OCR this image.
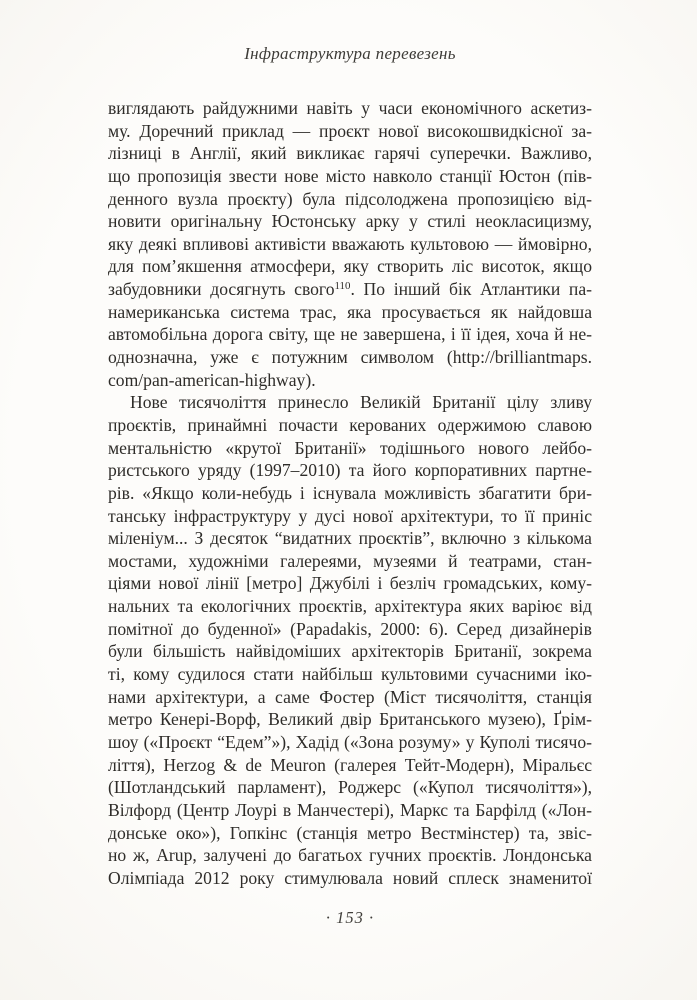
Інфраструктура перевезень
виглядають райдужними навіть у часи економічного аскетиз-
му. Доречний приклад — проєкт нової високошвидкісної за-
лізниці в Англії, який викликає гарячі суперечки. Важливо,
що пропозиція звести нове місто навколо станції Юстон (пів-
денного вузла проєкту) була підсолоджена пропозицією від-
новити оригінальну Юстонську арку у стилі неокласицизму,
яку деякі впливові активісти вважають культовою — ймовірно,
для пом’якшення атмосфери, яку створить ліс висоток, якщо
забудовники досягнуть свого$^{110}$. По інший бік Атлантики па-
намериканська система трас, яка просувається як найдовша
автомобільна дорога світу, ще не завершена, і її ідея, хоча й не-
однозначна, уже є потужним символом (http://brilliantmaps.
com/pan-american-highway).
Нове тисячоліття принесло Великій Британії цілу зливу
проєктів, принаймні почасти керованих одержимою славою
ментальністю «крутої Британії» тодішнього нового лейбо-
ристського уряду (1997–2010) та його корпоративних партне-
рів. «Якщо коли-небудь і існувала можливість збагатити бри-
танську інфраструктуру у дусі нової архітектури, то її приніс
міленіум... З десяток “видатних проєктів”, включно з кількома
мостами, художніми галереями, музеями й театрами, стан-
ціями нової лінії [метро] Джубілі і безліч громадських, кому-
нальних та екологічних проєктів, архітектура яких варіює від
помітної до буденної» (Papadakis, 2000: 6). Серед дизайнерів
були більшість найвідоміших архітекторів Британії, зокрема
ті, кому судилося стати найбільш культовими сучасними іко-
нами архітектури, а саме Фостер (Міст тисячоліття, станція
метро Кенері-Ворф, Великий двір Британського музею), Ґрім-
шоу («Проєкт “Едем”»), Хадід («Зона розуму» у Куполі тисячо-
ліття), Herzog & de Meuron (галерея Тейт-Модерн), Міральєс
(Шотландський парламент), Роджерс («Купол тисячоліття»),
Вілфорд (Центр Лоурі в Манчестері), Маркс та Барфілд («Лон-
донське око»), Гопкінс (станція метро Вестмінстер) та, звіс-
но ж, Arup, залучені до багатьох гучних проєктів. Лондонська
Олімпіада 2012 року стимулювала новий сплеск знаменитої
· 153 ·
